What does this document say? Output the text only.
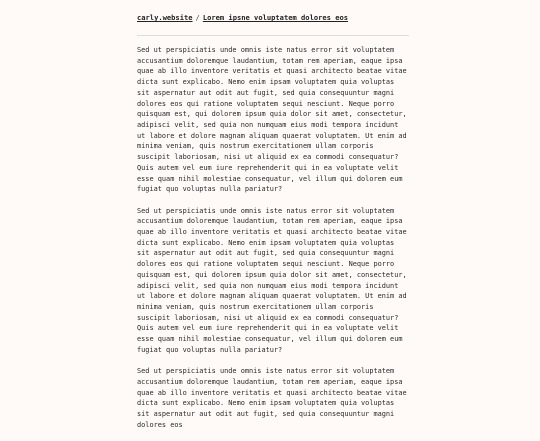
carly.website / Lorem ipsne voluptatem dolores eos

Sed ut perspiciatis unde omnis iste natus error sit voluptatem accusantium doloremque laudantium, totam rem aperiam, eaque ipsa quae ab illo inventore veritatis et quasi architecto beatae vitae dicta sunt explicabo. Nemo enim ipsam voluptatem quia voluptas sit aspernatur aut odit aut fugit, sed quia consequuntur magni dolores eos qui ratione voluptatem sequi nesciunt. Neque porro quisquam est, qui dolorem ipsum quia dolor sit amet, consectetur, adipisci velit, sed quia non numquam eius modi tempora incidunt ut labore et dolore magnam aliquam quaerat voluptatem. Ut enim ad minima veniam, quis nostrum exercitationem ullam corporis suscipit laboriosam, nisi ut aliquid ex ea commodi consequatur? Quis autem vel eum iure reprehenderit qui in ea voluptate velit esse quam nihil molestiae consequatur, vel illum qui dolorem eum fugiat quo voluptas nulla pariatur?

Sed ut perspiciatis unde omnis iste natus error sit voluptatem accusantium doloremque laudantium, totam rem aperiam, eaque ipsa quae ab illo inventore veritatis et quasi architecto beatae vitae dicta sunt explicabo. Nemo enim ipsam voluptatem quia voluptas sit aspernatur aut odit aut fugit, sed quia consequuntur magni dolores eos qui ratione voluptatem sequi nesciunt. Neque porro quisquam est, qui dolorem ipsum quia dolor sit amet, consectetur, adipisci velit, sed quia non numquam eius modi tempora incidunt ut labore et dolore magnam aliquam quaerat voluptatem. Ut enim ad minima veniam, quis nostrum exercitationem ullam corporis suscipit laboriosam, nisi ut aliquid ex ea commodi consequatur? Quis autem vel eum iure reprehenderit qui in ea voluptate velit esse quam nihil molestiae consequatur, vel illum qui dolorem eum fugiat quo voluptas nulla pariatur?

Sed ut perspiciatis unde omnis iste natus error sit voluptatem accusantium doloremque laudantium, totam rem aperiam, eaque ipsa quae ab illo inventore veritatis et quasi architecto beatae vitae dicta sunt explicabo. Nemo enim ipsam voluptatem quia voluptas sit aspernatur aut odit aut fugit, sed quia consequuntur magni dolores eos
